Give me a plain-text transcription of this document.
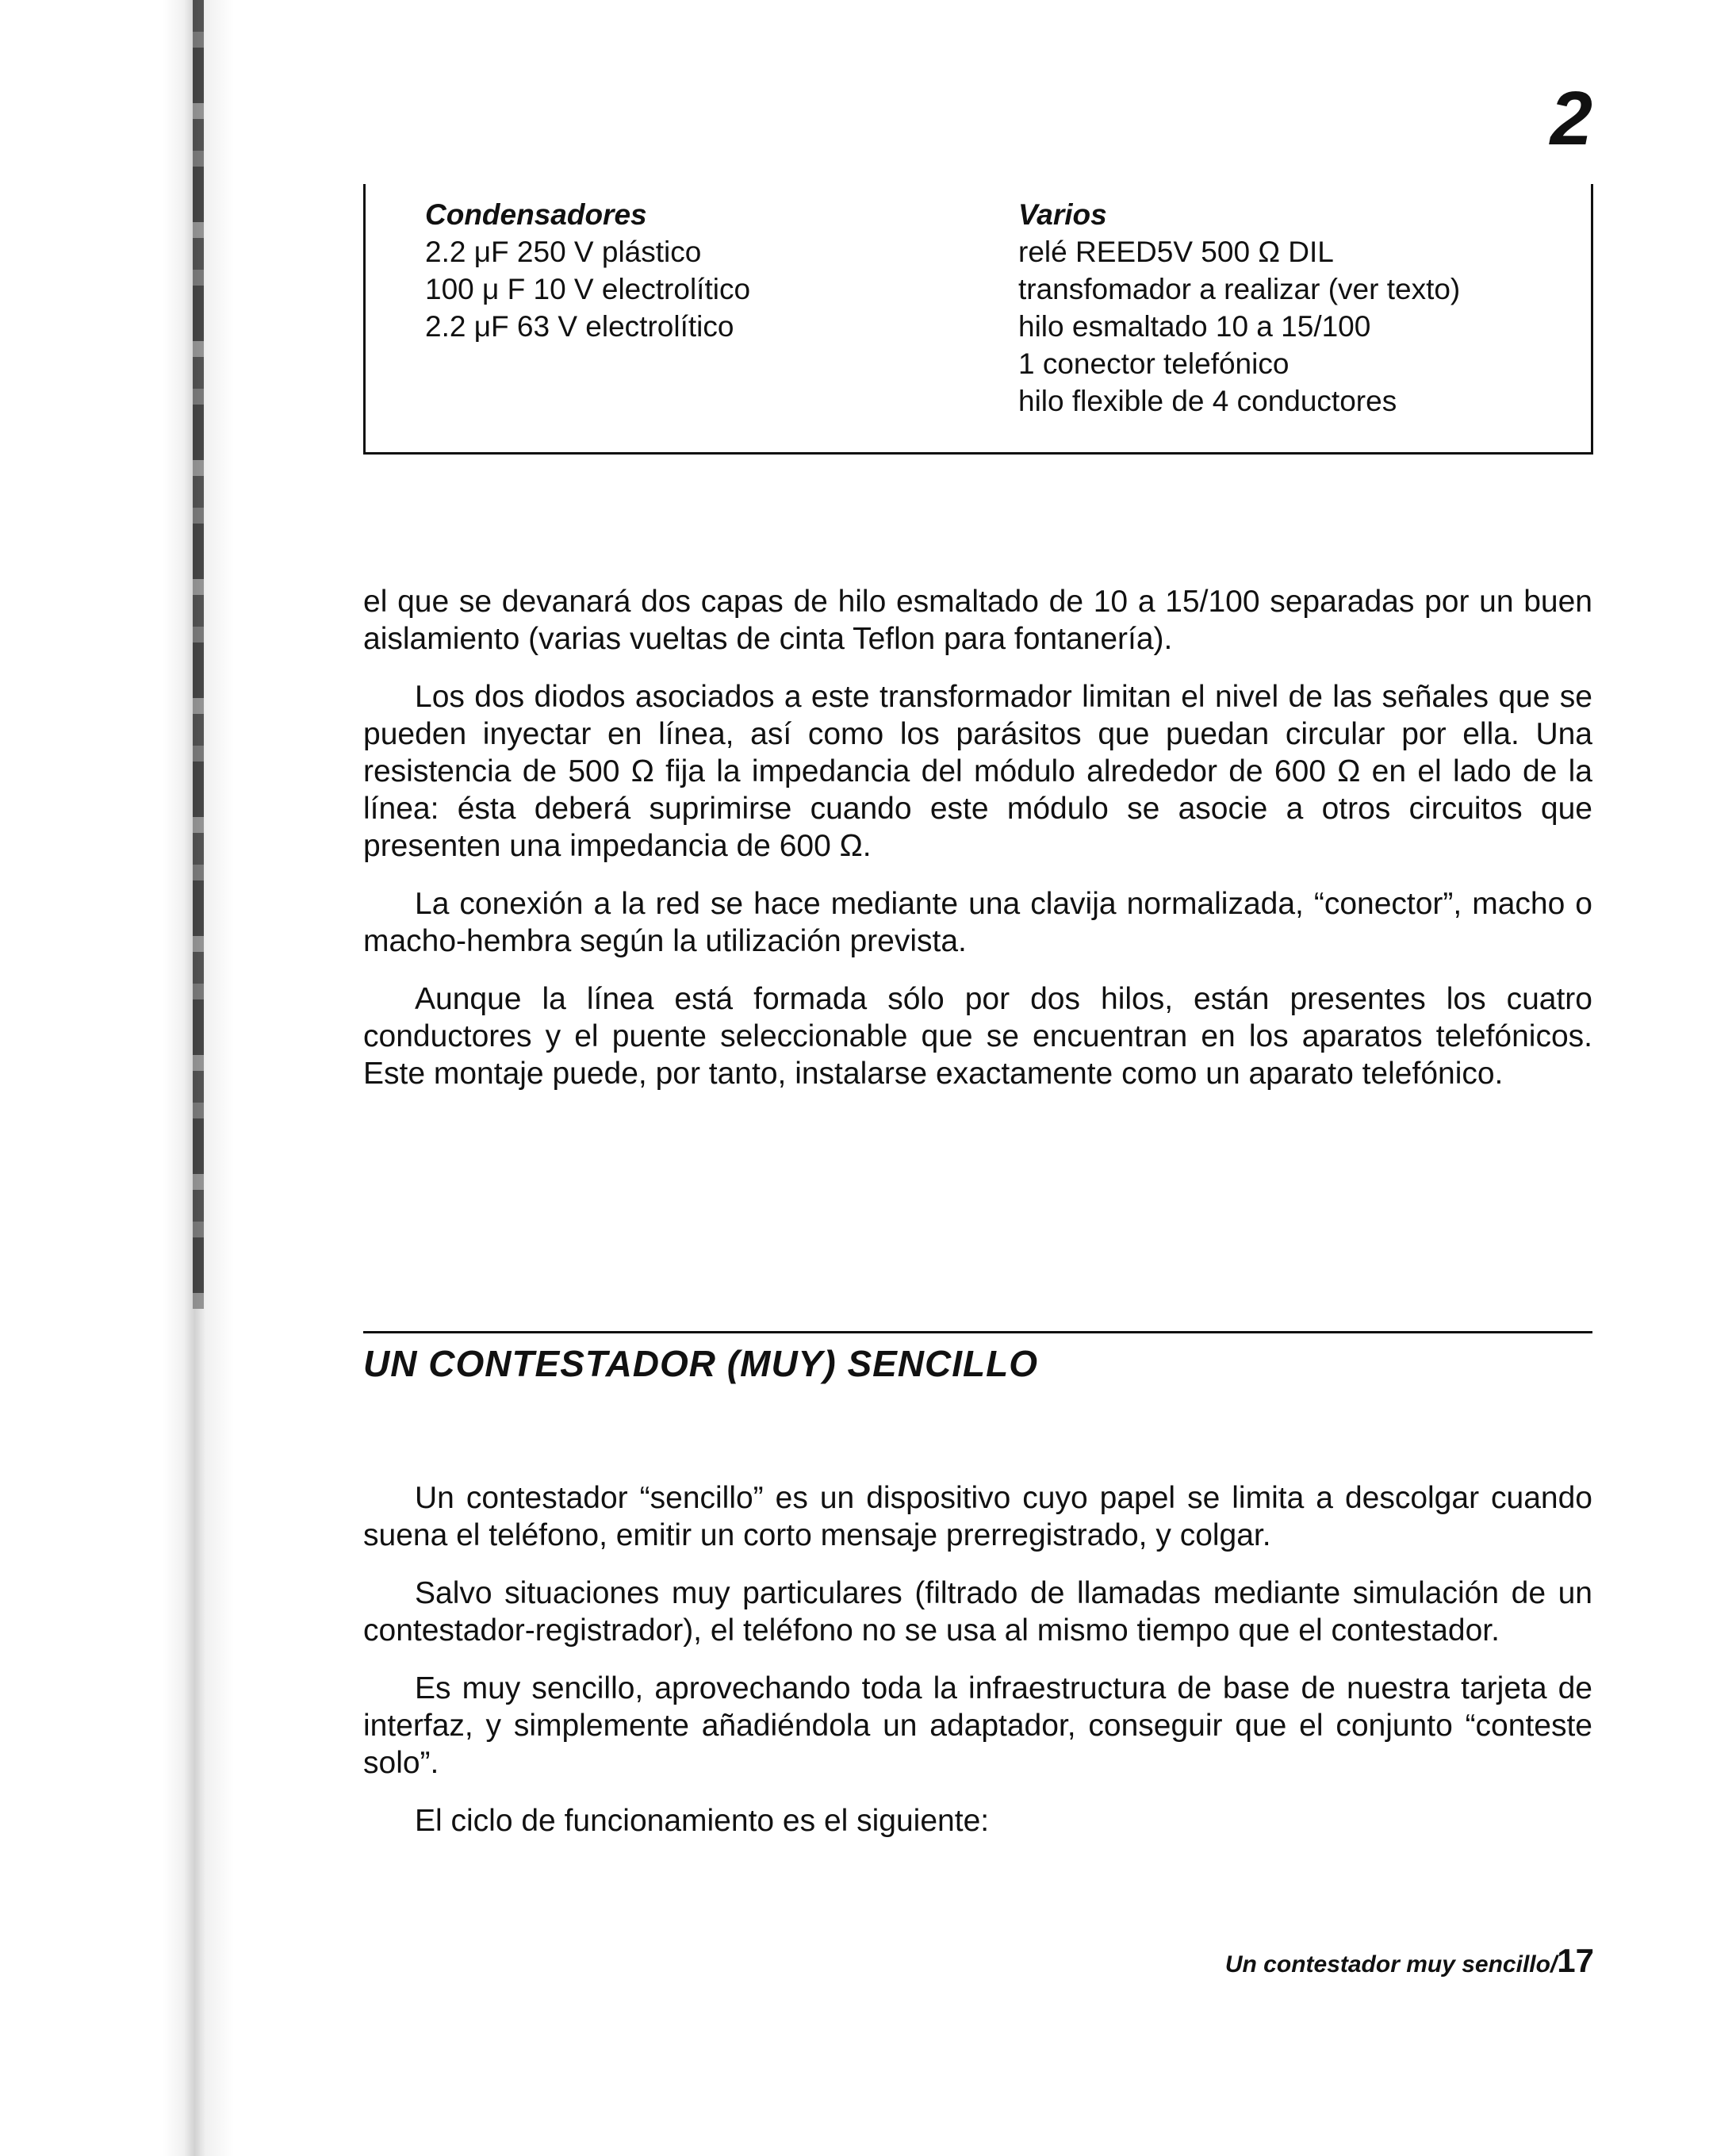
2
Condensadores
2.2 μF 250 V plástico
100 μ F 10 V electrolítico
2.2 μF 63 V electrolítico
Varios
relé REED5V 500 Ω DIL
transfomador a realizar (ver texto)
hilo esmaltado 10 a 15/100
1 conector telefónico
hilo flexible de 4 conductores

el que se devanará dos capas de hilo esmaltado de 10 a 15/100 separadas por un buen aislamiento (varias vueltas de cinta Teflon para fontanería).

Los dos diodos asociados a este transformador limitan el nivel de las señales que se pueden inyectar en línea, así como los parásitos que puedan circular por ella. Una resistencia de 500 Ω fija la impedancia del módulo alrededor de 600 Ω en el lado de la línea: ésta deberá suprimirse cuando este módulo se asocie a otros circuitos que presenten una impedancia de 600 Ω.

La conexión a la red se hace mediante una clavija normalizada, “conector”, macho o macho-hembra según la utilización prevista.

Aunque la línea está formada sólo por dos hilos, están presentes los cuatro conductores y el puente seleccionable que se encuentran en los aparatos telefónicos. Este montaje puede, por tanto, instalarse exactamente como un aparato telefónico.

UN CONTESTADOR (MUY) SENCILLO

Un contestador “sencillo” es un dispositivo cuyo papel se limita a descolgar cuando suena el teléfono, emitir un corto mensaje prerregistrado, y colgar.

Salvo situaciones muy particulares (filtrado de llamadas mediante simulación de un contestador-registrador), el teléfono no se usa al mismo tiempo que el contestador.

Es muy sencillo, aprovechando toda la infraestructura de base de nuestra tarjeta de interfaz, y simplemente añadiéndola un adaptador, conseguir que el conjunto “conteste solo”.

El ciclo de funcionamiento es el siguiente:

Un contestador muy sencillo/17
